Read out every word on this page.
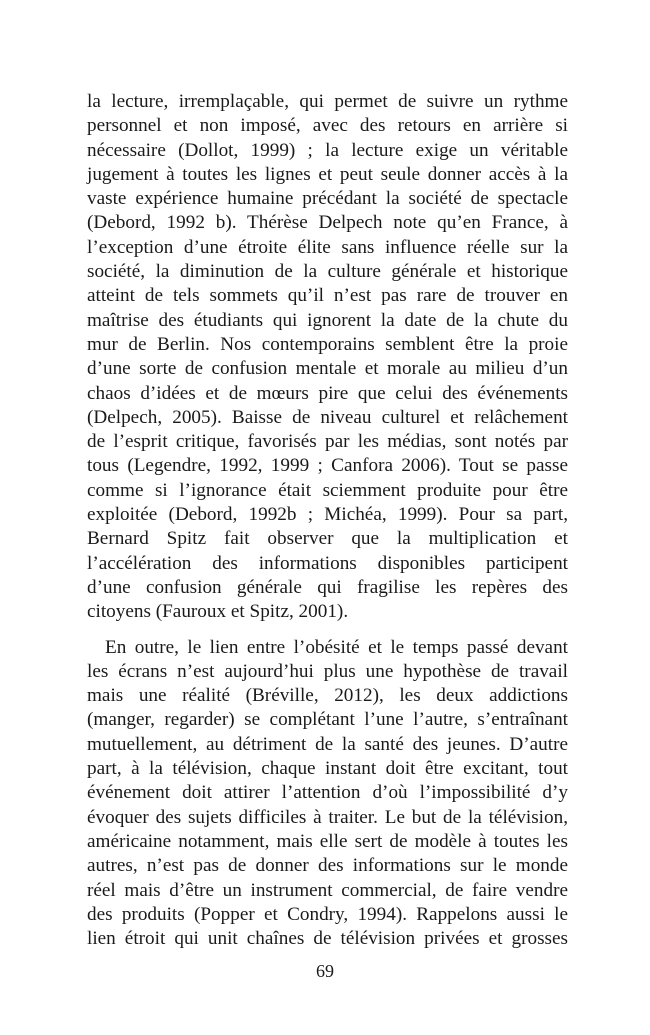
la lecture, irremplaçable, qui permet de suivre un rythme
personnel et non imposé, avec des retours en arrière si
nécessaire (Dollot, 1999) ; la lecture exige un véritable
jugement à toutes les lignes et peut seule donner accès à la
vaste expérience humaine précédant la société de spectacle
(Debord, 1992 b). Thérèse Delpech note qu’en France, à
l’exception d’une étroite élite sans influence réelle sur la
société, la diminution de la culture générale et historique
atteint de tels sommets qu’il n’est pas rare de trouver en
maîtrise des étudiants qui ignorent la date de la chute du
mur de Berlin. Nos contemporains semblent être la proie
d’une sorte de confusion mentale et morale au milieu d’un
chaos d’idées et de mœurs pire que celui des événements
(Delpech, 2005). Baisse de niveau culturel et relâchement
de l’esprit critique, favorisés par les médias, sont notés par
tous (Legendre, 1992, 1999 ; Canfora 2006). Tout se passe
comme si l’ignorance était sciemment produite pour être
exploitée (Debord, 1992b ; Michéa, 1999). Pour sa part,
Bernard Spitz fait observer que la multiplication et
l’accélération des informations disponibles participent
d’une confusion générale qui fragilise les repères des
citoyens (Fauroux et Spitz, 2001).
En outre, le lien entre l’obésité et le temps passé devant
les écrans n’est aujourd’hui plus une hypothèse de travail
mais une réalité (Bréville, 2012), les deux addictions
(manger, regarder) se complétant l’une l’autre, s’entraînant
mutuellement, au détriment de la santé des jeunes. D’autre
part, à la télévision, chaque instant doit être excitant, tout
événement doit attirer l’attention d’où l’impossibilité d’y
évoquer des sujets difficiles à traiter. Le but de la télévision,
américaine notamment, mais elle sert de modèle à toutes les
autres, n’est pas de donner des informations sur le monde
réel mais d’être un instrument commercial, de faire vendre
des produits (Popper et Condry, 1994). Rappelons aussi le
lien étroit qui unit chaînes de télévision privées et grosses
69
